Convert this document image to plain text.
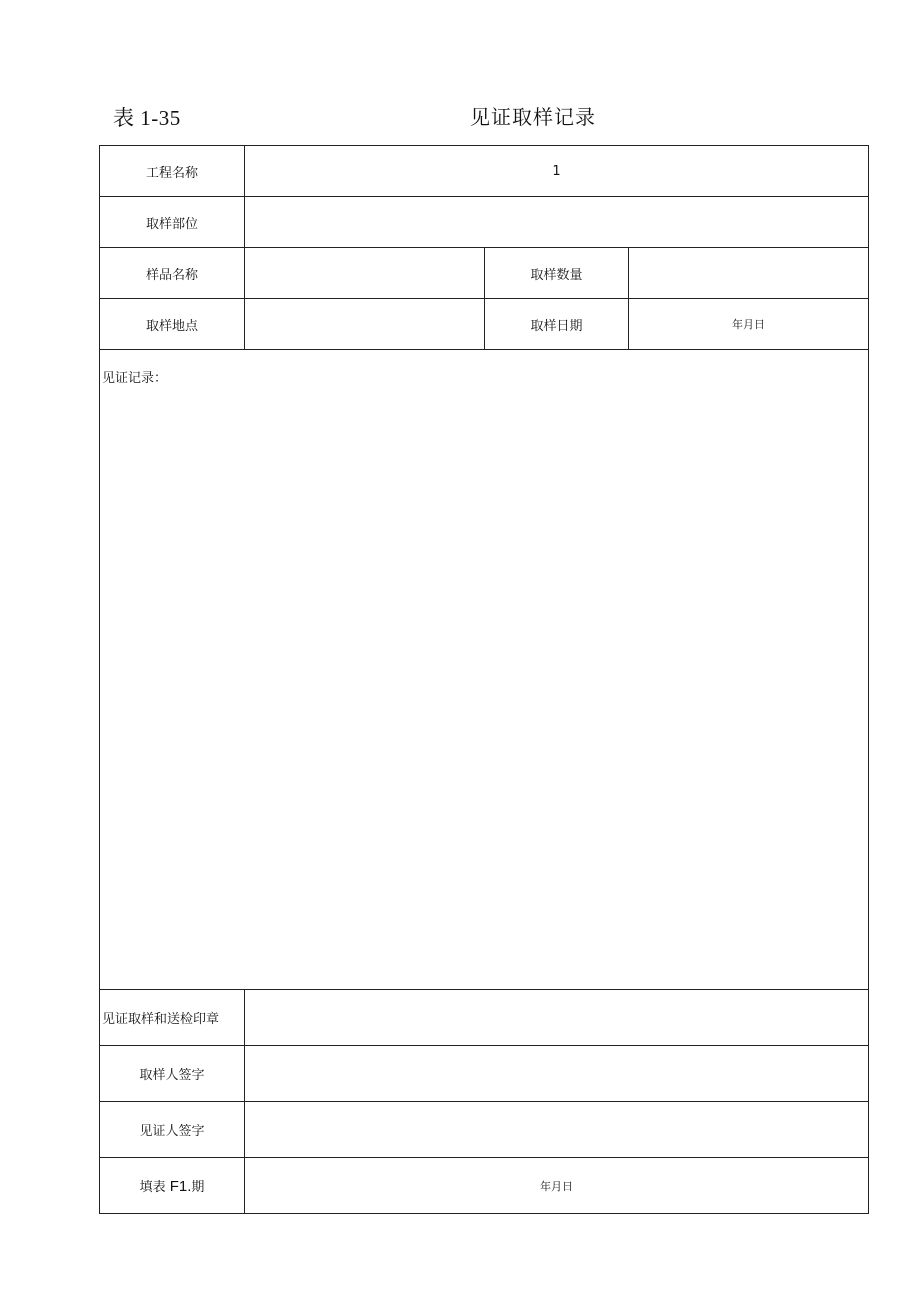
表 1-35	见证取样记录
工程名称	1		
取样部位			
样品名称		取样数量	
取样地点		取样日期	年月日

见证记录：			

见证取样和送检印章			
取样人签字			
见证人签字			
填表 F1.期	年月日		
